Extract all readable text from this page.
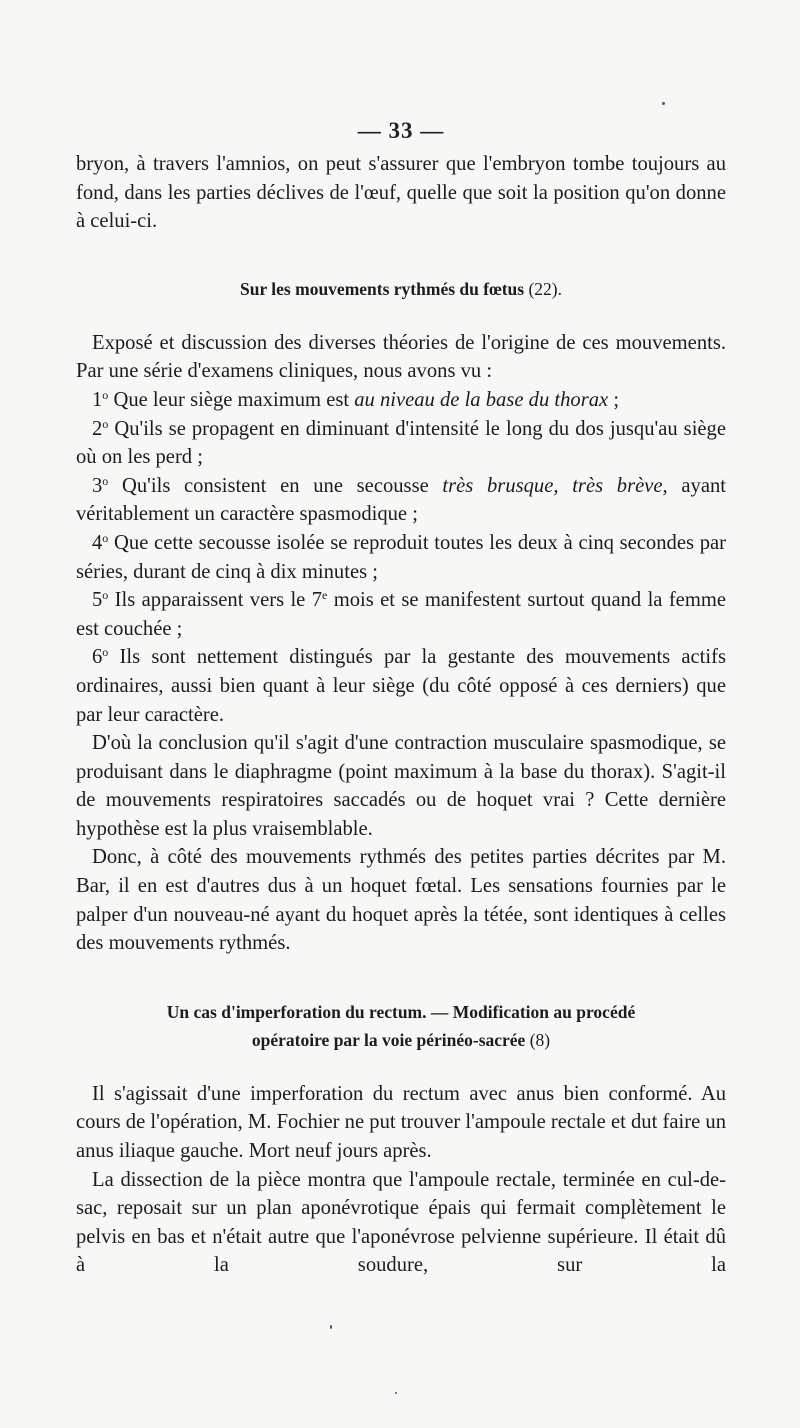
— 33 —

bryon, à travers l'amnios, on peut s'assurer que l'embryon tombe toujours au fond, dans les parties déclives de l'œuf, quelle que soit la position qu'on donne à celui-ci.

Sur les mouvements rythmés du fœtus (22).

Exposé et discussion des diverses théories de l'origine de ces mouvements. Par une série d'examens cliniques, nous avons vu :

1$^o$ Que leur siège maximum est au niveau de la base du thorax ;

2$^o$ Qu'ils se propagent en diminuant d'intensité le long du dos jusqu'au siège où on les perd ;

3$^o$ Qu'ils consistent en une secousse très brusque, très brève, ayant véritablement un caractère spasmodique ;

4$^o$ Que cette secousse isolée se reproduit toutes les deux à cinq secondes par séries, durant de cinq à dix minutes ;

5$^o$ Ils apparaissent vers le 7e mois et se manifestent surtout quand la femme est couchée ;

6$^o$ Ils sont nettement distingués par la gestante des mouvements actifs ordinaires, aussi bien quant à leur siège (du côté opposé à ces derniers) que par leur caractère.

D'où la conclusion qu'il s'agit d'une contraction musculaire spasmodique, se produisant dans le diaphragme (point maximum à la base du thorax). S'agit-il de mouvements respiratoires saccadés ou de hoquet vrai ? Cette dernière hypothèse est la plus vraisemblable.

Donc, à côté des mouvements rythmés des petites parties décrites par M. Bar, il en est d'autres dus à un hoquet fœtal. Les sensations fournies par le palper d'un nouveau-né ayant du hoquet après la tétée, sont identiques à celles des mouvements rythmés.

Un cas d'imperforation du rectum. — Modification au procédé
opératoire par la voie périnéo-sacrée (8)

Il s'agissait d'une imperforation du rectum avec anus bien conformé. Au cours de l'opération, M. Fochier ne put trouver l'ampoule rectale et dut faire un anus iliaque gauche. Mort neuf jours après.

La dissection de la pièce montra que l'ampoule rectale, terminée en cul-de-sac, reposait sur un plan aponévrotique épais qui fermait complètement le pelvis en bas et n'était autre que l'aponévrose pelvienne supérieure. Il était dû à la soudure, sur la
